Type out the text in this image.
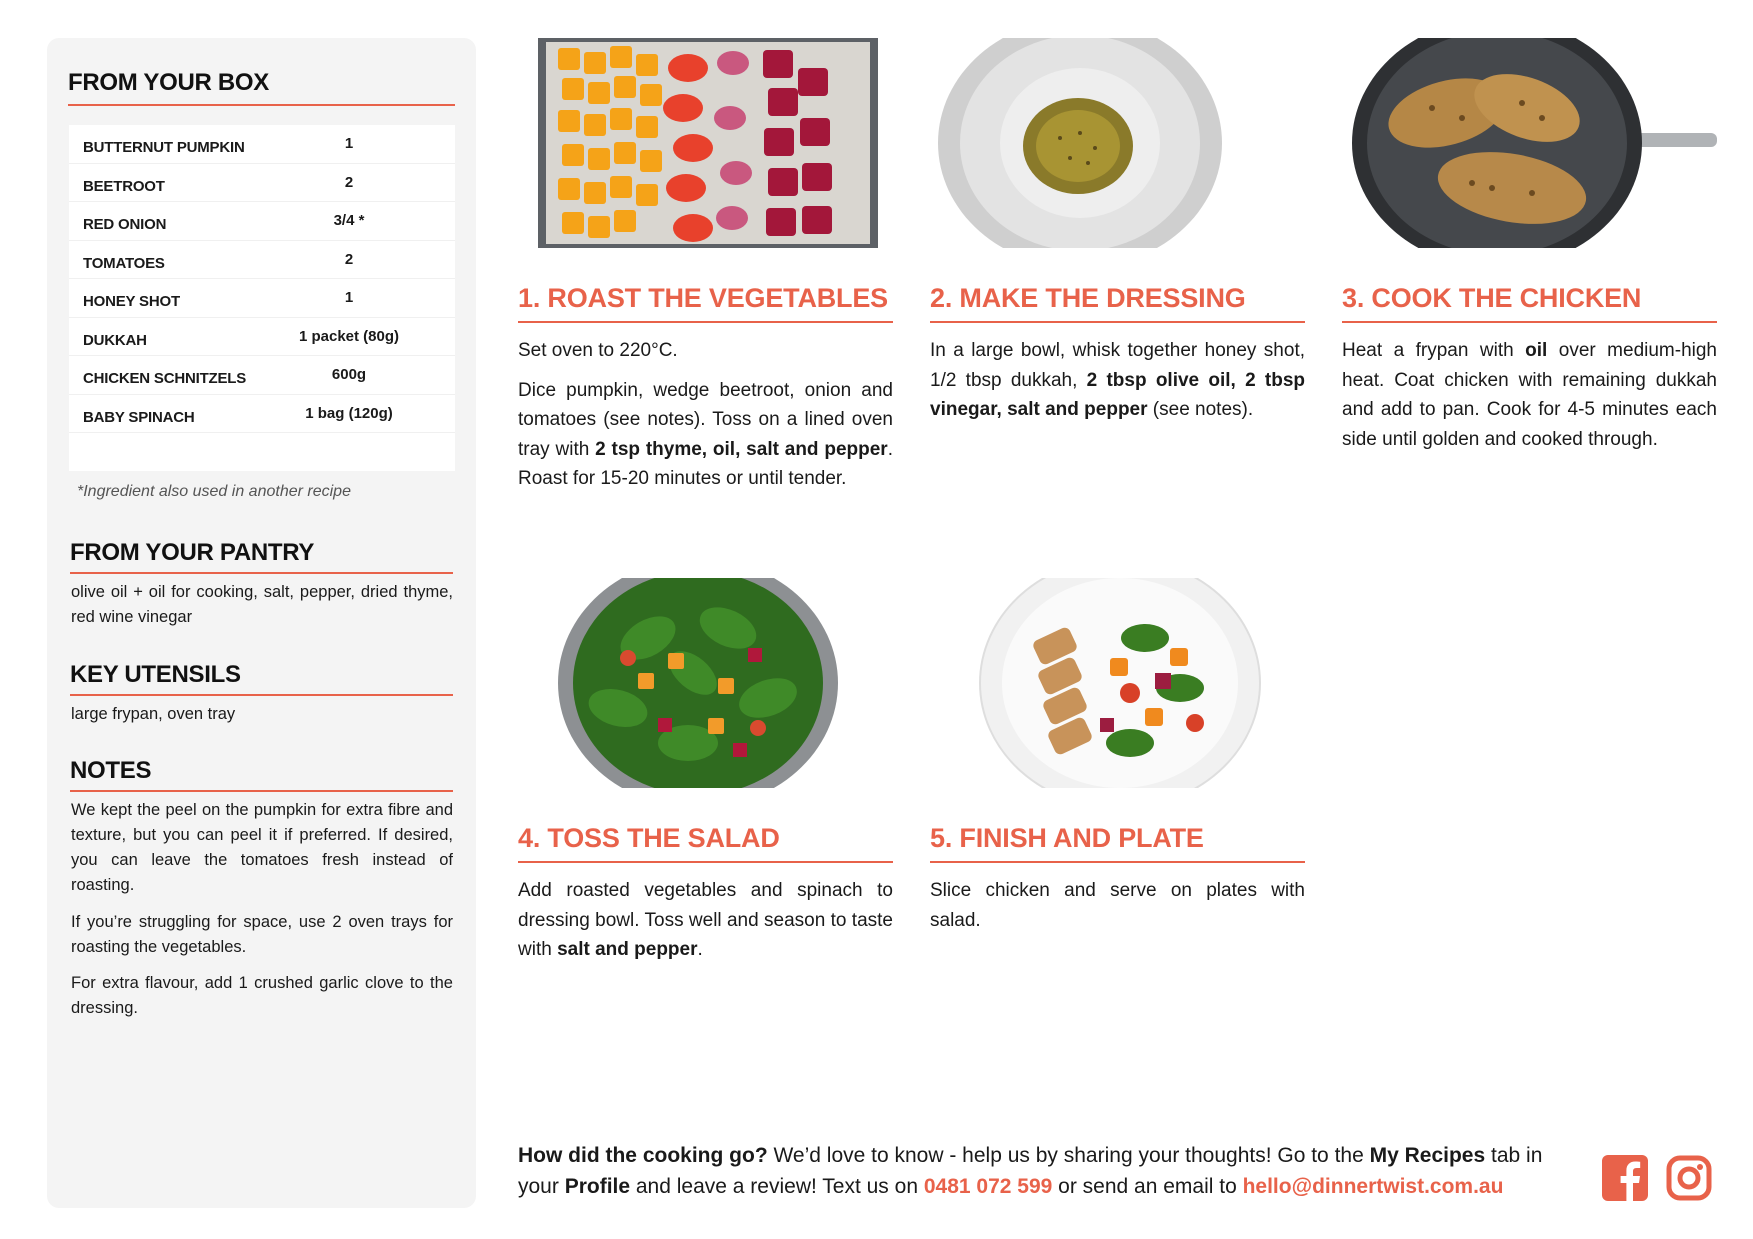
FROM YOUR BOX
BUTTERNUT PUMPKIN	1
BEETROOT	2
RED ONION	3/4 *
TOMATOES	2
HONEY SHOT	1
DUKKAH	1 packet (80g)
CHICKEN SCHNITZELS	600g
BABY SPINACH	1 bag (120g)
*Ingredient also used in another recipe
FROM YOUR PANTRY
olive oil + oil for cooking, salt, pepper, dried thyme, red wine vinegar
KEY UTENSILS
large frypan, oven tray
NOTES
We kept the peel on the pumpkin for extra fibre and texture, but you can peel it if preferred. If desired, you can leave the tomatoes fresh instead of roasting.
If you’re struggling for space, use 2 oven trays for roasting the vegetables.
For extra flavour, add 1 crushed garlic clove to the dressing.
1. ROAST THE VEGETABLES

Set oven to 220°C.

Dice pumpkin, wedge beetroot, onion and tomatoes (see notes). Toss on a lined oven tray with 2 tsp thyme, oil, salt and pepper. Roast for 15-20 minutes or until tender.

2. MAKE THE DRESSING

In a large bowl, whisk together honey shot, 1/2 tbsp dukkah, 2 tbsp olive oil, 2 tbsp vinegar, salt and pepper (see notes).

3. COOK THE CHICKEN

Heat a frypan with oil over medium-high heat. Coat chicken with remaining dukkah and add to pan. Cook for 4-5 minutes each side until golden and cooked through.

4. TOSS THE SALAD

Add roasted vegetables and spinach to dressing bowl. Toss well and season to taste with salt and pepper.

5. FINISH AND PLATE

Slice chicken and serve on plates with salad.

How did the cooking go? We’d love to know - help us by sharing your thoughts! Go to the My Recipes tab in your Profile and leave a review! Text us on 0481 072 599 or send an email to hello@dinnertwist.com.au
